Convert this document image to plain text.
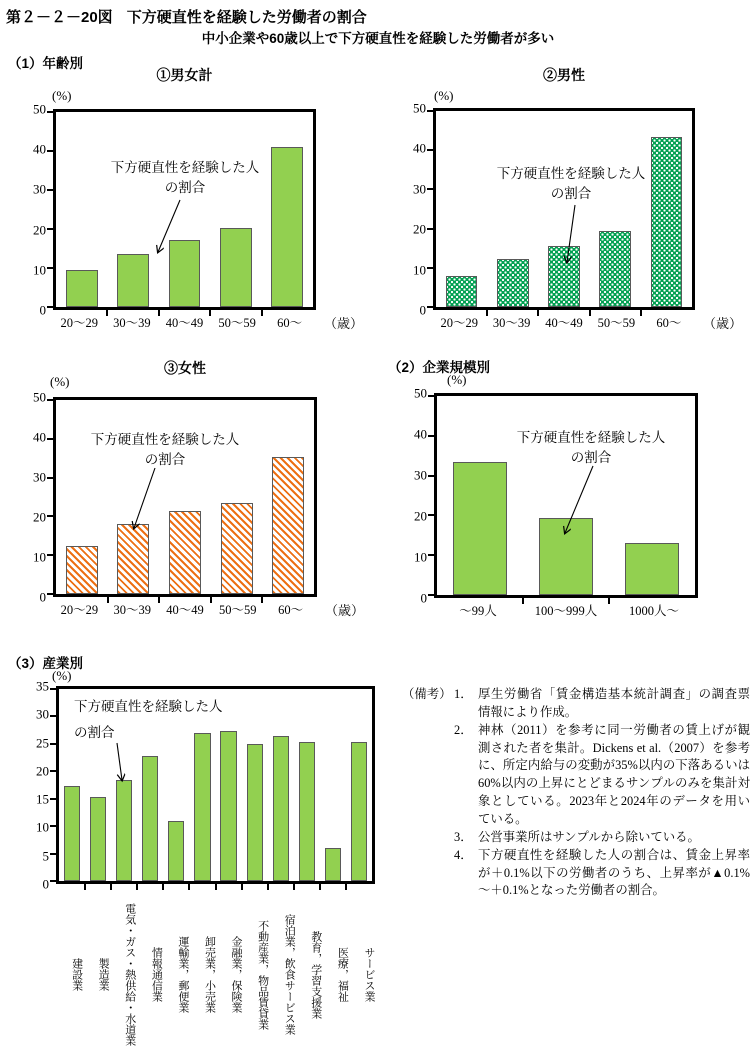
第２－２－20図 下方硬直性を経験した労働者の割合
中小企業や60歳以上で下方硬直性を経験した労働者が多い
（1）年齢別
（2）企業規模別
（3）産業別
①男女計
(%)
0
10
20
30
40
50
20～29	30～39	40～49	50～59	60～	（歳）
下方硬直性を経験した人
の割合
②男性
(%)
0
10
20
30
40
50
20～29	30～39	40～49	50～59	60～	（歳）
下方硬直性を経験した人
の割合
③女性
(%)
0
10
20
30
40
50
20～29	30～39	40～49	50～59	60～	（歳）
下方硬直性を経験した人
の割合
(%)
0
10
20
30
40
50
～99人	100～999人	1000人～
下方硬直性を経験した人
の割合
(%)
0
5
10
15
20
25
30
35
建設業	製造業	電気・ガス・熱供給・水道業	情報通信業	運輸業，郵便業	卸売業，小売業	金融業，保険業	不動産業，物品賃貸業	宿泊業，飲食サービス業	教育，学習支援業	医療，福祉	サービス業
下方硬直性を経験した人
の割合
（備考） 1． 厚生労働省「賃金構造基本統計調査」の調査票情報により作成。
2． 神林（2011）を参考に同一労働者の賃上げが観測された者を集計。Dickens et al.（2007）を参考に、所定内給与の変動が35%以内の下落あるいは 60%以内の上昇にとどまるサンプルのみを集計対象としている。2023年と2024年のデータを用いている。
3． 公営事業所はサンプルから除いている。
4． 下方硬直性を経験した人の割合は、賃金上昇率が＋0.1%以下の労働者のうち、上昇率が▲0.1%～＋0.1%となった労働者の割合。
